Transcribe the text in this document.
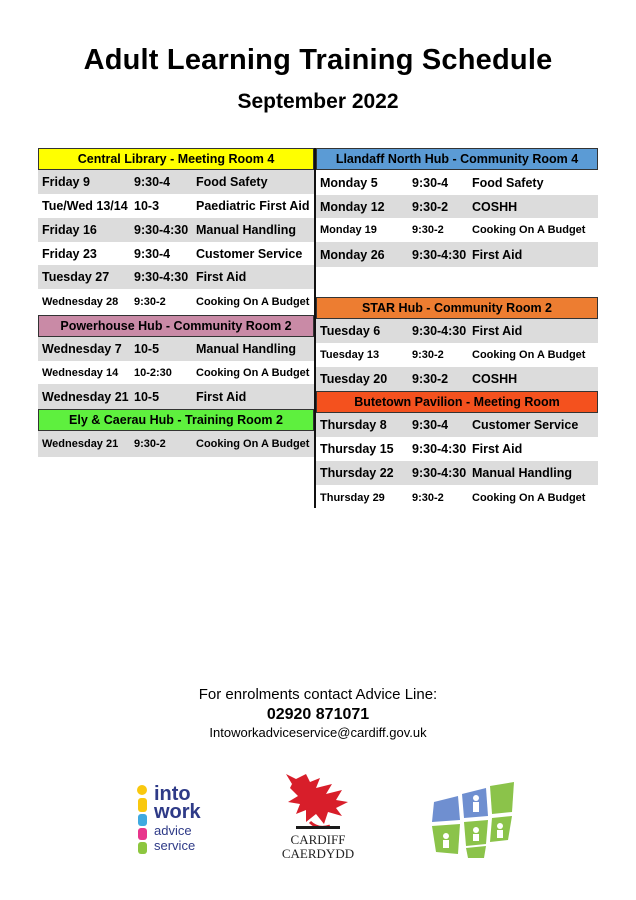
Adult Learning Training Schedule
September 2022
Central Library - Meeting Room 4
Friday 9	9:30-4	Food Safety
Tue/Wed 13/14 10-3	Paediatric First Aid
Friday 16	9:30-4:30 Manual Handling
Friday 23	9:30-4	Customer Service
Tuesday 27	9:30-4:30 First Aid
Wednesday 28	9:30-2	Cooking On A Budget
Powerhouse Hub - Community Room 2
Wednesday 7 10-5	Manual Handling
Wednesday 14	10-2:30	Cooking On A Budget
Wednesday 21 10-5	First Aid
Ely & Caerau Hub - Training Room 2
Wednesday 21	9:30-2	Cooking On A Budget
Llandaff North Hub - Community Room 4
Monday 5	9:30-4	Food Safety
Monday 12	9:30-2	COSHH
Monday 19	9:30-2	Cooking On A Budget
Monday 26	9:30-4:30 First Aid
STAR Hub - Community Room 2
Tuesday 6	9:30-4:30 First Aid
Tuesday 13	9:30-2	Cooking On A Budget
Tuesday 20	9:30-2	COSHH
Butetown Pavilion - Meeting Room
Thursday 8	9:30-4	Customer Service
Thursday 15	9:30-4:30 First Aid
Thursday 22	9:30-4:30 Manual Handling
Thursday 29	9:30-2	Cooking On A Budget
For enrolments contact Advice Line:
02920 871071
Intoworkadviceservice@cardiff.gov.uk
into
work
advice
service	CARDIFF
CAERDYDD
